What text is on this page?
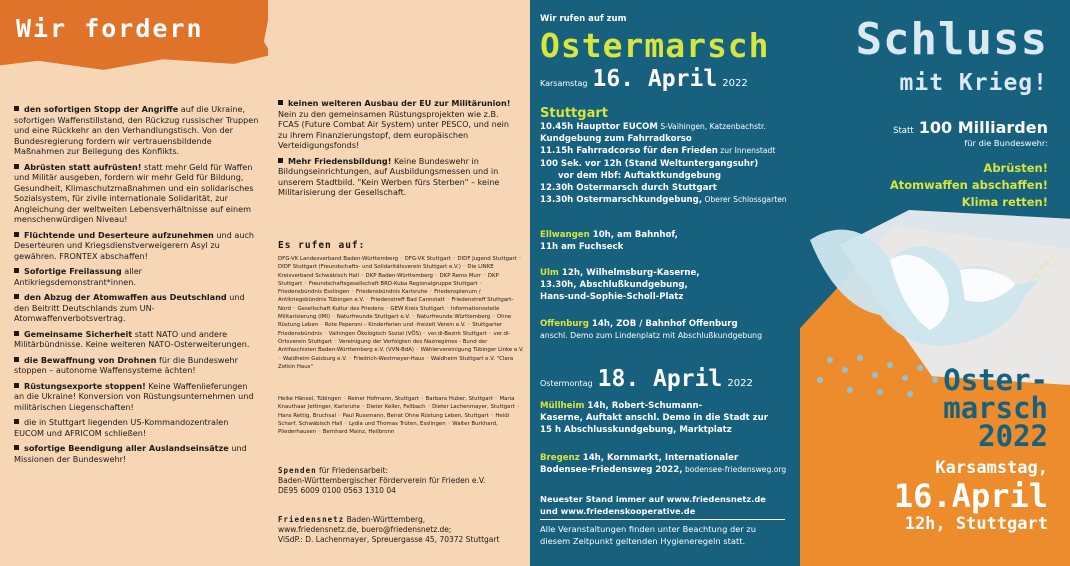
Wir fordern

den sofortigen Stopp der Angriffe auf die Ukraine, sofortigen Waffenstillstand, den Rückzug russischer Truppen und eine Rückkehr an den Verhandlungstisch. Von der Bundesregierung fordern wir vertrauensbildende Maßnahmen zur Beilegung des Konflikts.

Abrüsten statt aufrüsten! statt mehr Geld für Waffen und Militär ausgeben, fordern wir mehr Geld für Bildung, Gesundheit, Klimaschutzmaßnahmen und ein solidarisches Sozialsystem, für zivile internationale Solidarität, zur Angleichung der weltweiten Lebensverhältnisse auf einem menschenwürdigen Niveau!

Flüchtende und Deserteure aufzunehmen und auch Deserteuren und Kriegsdienstverweigerern Asyl zu gewähren. FRONTEX abschaffen!

Sofortige Freilassung aller Antikriegsdemonstrant*innen.

den Abzug der Atomwaffen aus Deutschland und den Beitritt Deutschlands zum UN-Atomwaffenverbotsvertrag.

Gemeinsame Sicherheit statt NATO und andere Militärbündnisse. Keine weiteren NATO-Osterweiterungen.

die Bewaffnung von Drohnen für die Bundeswehr stoppen – autonome Waffensysteme ächten!

Rüstungsexporte stoppen! Keine Waffenlieferungen an die Ukraine! Konversion von Rüstungsunternehmen und militärischen Liegenschaften!

die in Stuttgart liegenden US-Kommandozentralen EUCOM und AFRICOM schließen!

sofortige Beendigung aller Auslandseinsätze und Missionen der Bundeswehr!

keinen weiteren Ausbau der EU zur Militärunion! Nein zu den gemeinsamen Rüstungsprojekten wie z.B. FCAS (Future Combat Air System) unter PESCO, und nein zu ihrem Finanzierungstopf, dem europäischen Verteidigungsfonds!

Mehr Friedensbildung! Keine Bundeswehr in Bildungseinrichtungen, auf Ausbildungsmessen und in unserem Stadtbild. "Kein Werben fürs Sterben" – keine Militarisierung der Gesellschaft.

Es rufen auf:
DFG-VK Landesverband Baden-Württemberg ◦ DFG-VK Stuttgart ◦ DIDF Jugend Stuttgart ◦ DIDF Stuttgart (Freundschafts- und Solidaritätsverein Stuttgart e.V.) ◦ Die LINKE Kreisverband Schwäbisch Hall ◦ DKP Baden-Württemberg ◦ DKP Rems Murr ◦ DKP Stuttgart ◦ Freundschaftsgesellschaft BRD-Kuba Regionalgruppe Stuttgart ◦ Friedensbündnis Esslingen ◦ Friedensbündnis Karlsruhe ◦ Friedensplenum / Antikriegsbündnis Tübingen e.V. ◦ Friedenstreff Bad Cannstatt ◦ Friedenstreff Stuttgart-Nord ◦ Gesellschaft Kultur des Friedens ◦ GEW Kreis Stuttgart ◦ Informationsstelle Militarisierung (IMI) ◦ Naturfreunde Stuttgart e.V. ◦ Naturfreunde Württemberg ◦ Ohne Rüstung Leben ◦ Rote Peperoni – Kinderferien und -freizeit Verein e.V. ◦ Stuttgarter Friedensbündnis ◦ Vaihingen Ökologisch Sozial (VÖS) ◦ ver.di-Bezirk Stuttgart ◦ ver.di-Ortsverein Stuttgart ◦ Vereinigung der Verfolgten des Naziregimes - Bund der Antifaschisten Baden-Württemberg e.V. (VVN-BdA) ◦ Wählervereinigung Tübinger Linke e.V. ◦ Waldheim Gaisburg e.V. ◦ Friedrich-Westmeyer-Haus ◦ Waldheim Stuttgart e.V. "Clara Zetkin Haus"
Heike Hänsel, Tübingen ◦ Reiner Hofmann, Stuttgart ◦ Barbara Huber, Stuttgart ◦ Maria Knauthaar Jettinger, Karlsruhe ◦ Dieter Keller, Fellbach ◦ Dieter Lachenmayer, Stuttgart ◦ Hans Rettig, Bruchsal ◦ Paul Russmann, Beirat Ohne Rüstung Leben, Stuttgart ◦ Heidi Scharf, Schwäbisch Hall ◦ Lydia und Thomas Trüten, Esslingen ◦ Walter Burkhard, Pliederhausen ◦ Bernhard Mainz, Heilbronn
Spenden für Friedensarbeit:
Baden-Württembergischer Förderverein für Frieden e.V.
DE95 6009 0100 0563 1310 04
Friedensnetz Baden-Württemberg,
www.friedensnetz.de, buero@friedensnetz.de;
ViSdP.: D. Lachenmayer, Spreuergasse 45, 70372 Stuttgart
Wir rufen auf zum
Ostermarsch
Karsamstag 16. April 2022
Stuttgart
10.45h Haupttor EUCOM S-Vaihingen, Katzenbachstr.
Kundgebung zum Fahrradkorso
11.15h Fahrradcorso für den Frieden zur Innenstadt
100 Sek. vor 12h (Stand Weltuntergangsuhr)
vor dem Hbf: Auftaktkundgebung
12.30h Ostermarsch durch Stuttgart
13.30h Ostermarschkundgebung, Oberer Schlossgarten
Ellwangen 10h, am Bahnhof,
11h am Fuchseck
Ulm 12h, Wilhelmsburg-Kaserne,
13.30h, Abschlußkundgebung,
Hans-und-Sophie-Scholl-Platz
Offenburg 14h, ZOB / Bahnhof Offenburg
anschl. Demo zum Lindenplatz mit Abschlußkundgebung
Ostermontag 18. April 2022
Müllheim 14h, Robert-Schumann-
Kaserne, Auftakt anschl. Demo in die Stadt zur
15 h Abschlusskundgebung, Marktplatz
Bregenz 14h, Kornmarkt, Internationaler
Bodensee-Friedensweg 2022, bodensee-friedensweg.org
Neuester Stand immer auf www.friedensnetz.de
und www.friedenskooperative.de
Alle Veranstaltungen finden unter Beachtung der zu
diesem Zeitpunkt geltenden Hygieneregeln statt.
Schluss
mit Krieg!
Statt 100 Milliarden
für die Bundeswehr:
Abrüsten!
Atomwaffen abschaffen!
Klima retten!
Oster-
marsch
2022
Karsamstag,
16.April
12h, Stuttgart
